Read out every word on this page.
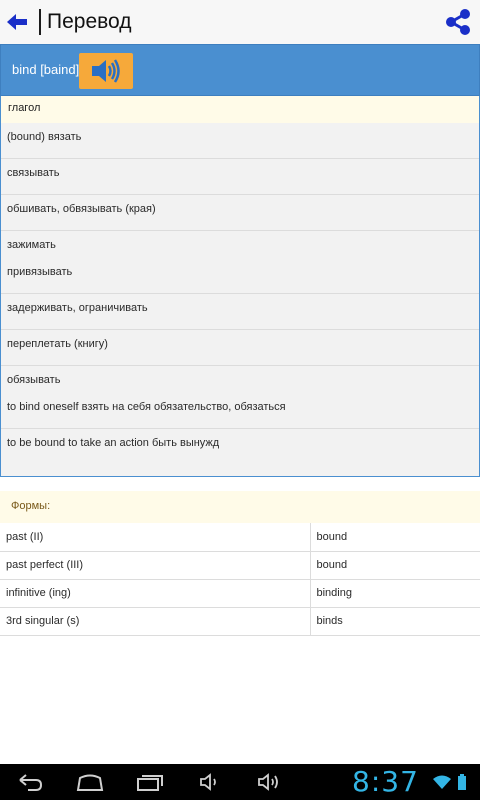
Перевод
bind [baind]
глагол
(bound) вязать
связывать
обшивать, обвязывать (края)
зажимать
привязывать
задерживать, ограничивать
переплетать (книгу)
обязывать
to bind oneself взять на себя обязательство, обязаться
to be bound to take an action быть вынужд
Формы:
past (II)	bound
past perfect (III)	bound
infinitive (ing)	binding
3rd singular (s)	binds
8:37
